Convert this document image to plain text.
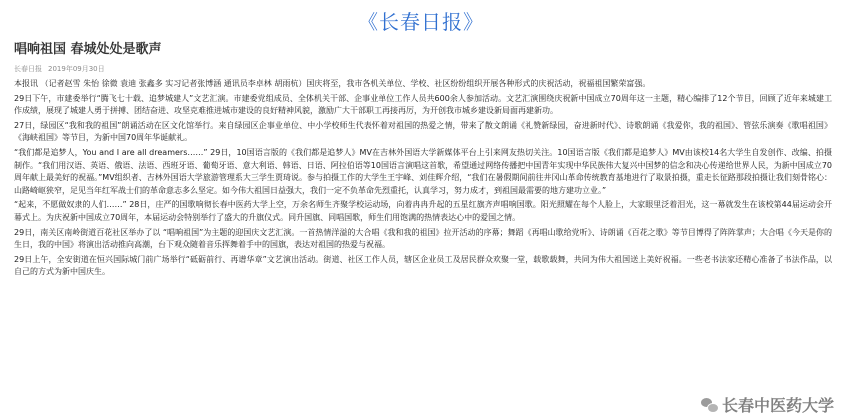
《长春日报》
唱响祖国 春城处处是歌声
长春日报 2019年09月30日

本报讯 （记者赵雪 朱怡 徐微 袁迪 张鑫多 实习记者张博涵 通讯员李卓林 胡雨杭）国庆将至，我市各机关单位、学校、社区纷纷组织开展各种形式的庆祝活动，祝福祖国繁荣富强。

29日下午，市建委举行“腾飞七十载、追梦城建人”文艺汇演。市建委党组成员、全体机关干部、企事业单位工作人员共600余人参加活动。文艺汇演围绕庆祝新中国成立70周年这一主题，精心编排了12个节目，回顾了近年来城建工作成绩，展现了城建人勇于拼搏、团结奋进、攻坚克难推进城市建设的良好精神风貌，激励广大干部职工再接再厉，为开创我市城乡建设新局面再建新功。

27日，绿园区“我和我的祖国”朗诵活动在区文化馆举行。来自绿园区企事业单位、中小学校师生代表怀着对祖国的热爱之情，带来了散文朗诵《礼赞新绿园，奋进新时代》、诗歌朗诵《我爱你，我的祖国》、管弦乐演奏《歌唱祖国》《海峡祖国》等节目，为新中国70周年华诞献礼。

“我们都是追梦人，You and I are all dreamers……” 29日，10国语言版的《我们都是追梦人》MV在吉林外国语大学新媒体平台上引来网友热切关注。10国语言版《我们都是追梦人》MV由该校14名大学生自发创作、改编、拍摄制作。“我们用汉语、英语、俄语、法语、西班牙语、葡萄牙语、意大利语、韩语、日语、阿拉伯语等10国语言演唱这首歌，希望通过网络传播把中国青年实现中华民族伟大复兴中国梦的信念和决心传递给世界人民，为新中国成立70周年献上最美好的祝福。”MV组织者、吉林外国语大学旅游管理系大三学生贾琦说。参与拍摄工作的大学生王宇峰、刘佳辉介绍，“我们在暑假期间前往井冈山革命传统教育基地进行了取景拍摄，重走长征路那段拍摄让我们刻骨铭心：山路崎岖狭窄，足见当年红军战士们的革命意志多么坚定。如今伟大祖国日益强大，我们一定不负革命先烈重托，认真学习，努力成才，到祖国最需要的地方建功立业。”

“起来，不愿做奴隶的人们……” 28日，庄严的国歌响彻长春中医药大学上空，万余名师生齐聚学校运动场，向着冉冉升起的五星红旗齐声唱响国歌。阳光照耀在每个人脸上，大家眼里泛着泪光，这一幕就发生在该校第44届运动会开幕式上。为庆祝新中国成立70周年，本届运动会特别举行了盛大的升旗仪式。同升国旗、同唱国歌，师生们用饱满的热情表达心中的爱国之情。

29日，南关区南岭街道百花社区举办了以 “唱响祖国”为主题的迎国庆文艺汇演。一首热情洋溢的大合唱《我和我的祖国》拉开活动的序幕；舞蹈《再唱山歌给党听》、诗朗诵《百花之歌》等节目博得了阵阵掌声；大合唱《今天是你的生日，我的中国》将演出活动推向高潮，台下观众随着音乐挥舞着手中的国旗，表达对祖国的热爱与祝福。

29日上午，全安街道在恒兴国际城门前广场举行“砥砺前行、再谱华章”文艺演出活动。街道、社区工作人员，辖区企业员工及居民群众欢聚一堂，载歌载舞，共同为伟大祖国送上美好祝福。一些老书法家还精心准备了书法作品，以自己的方式为新中国庆生。

长春中医药大学
